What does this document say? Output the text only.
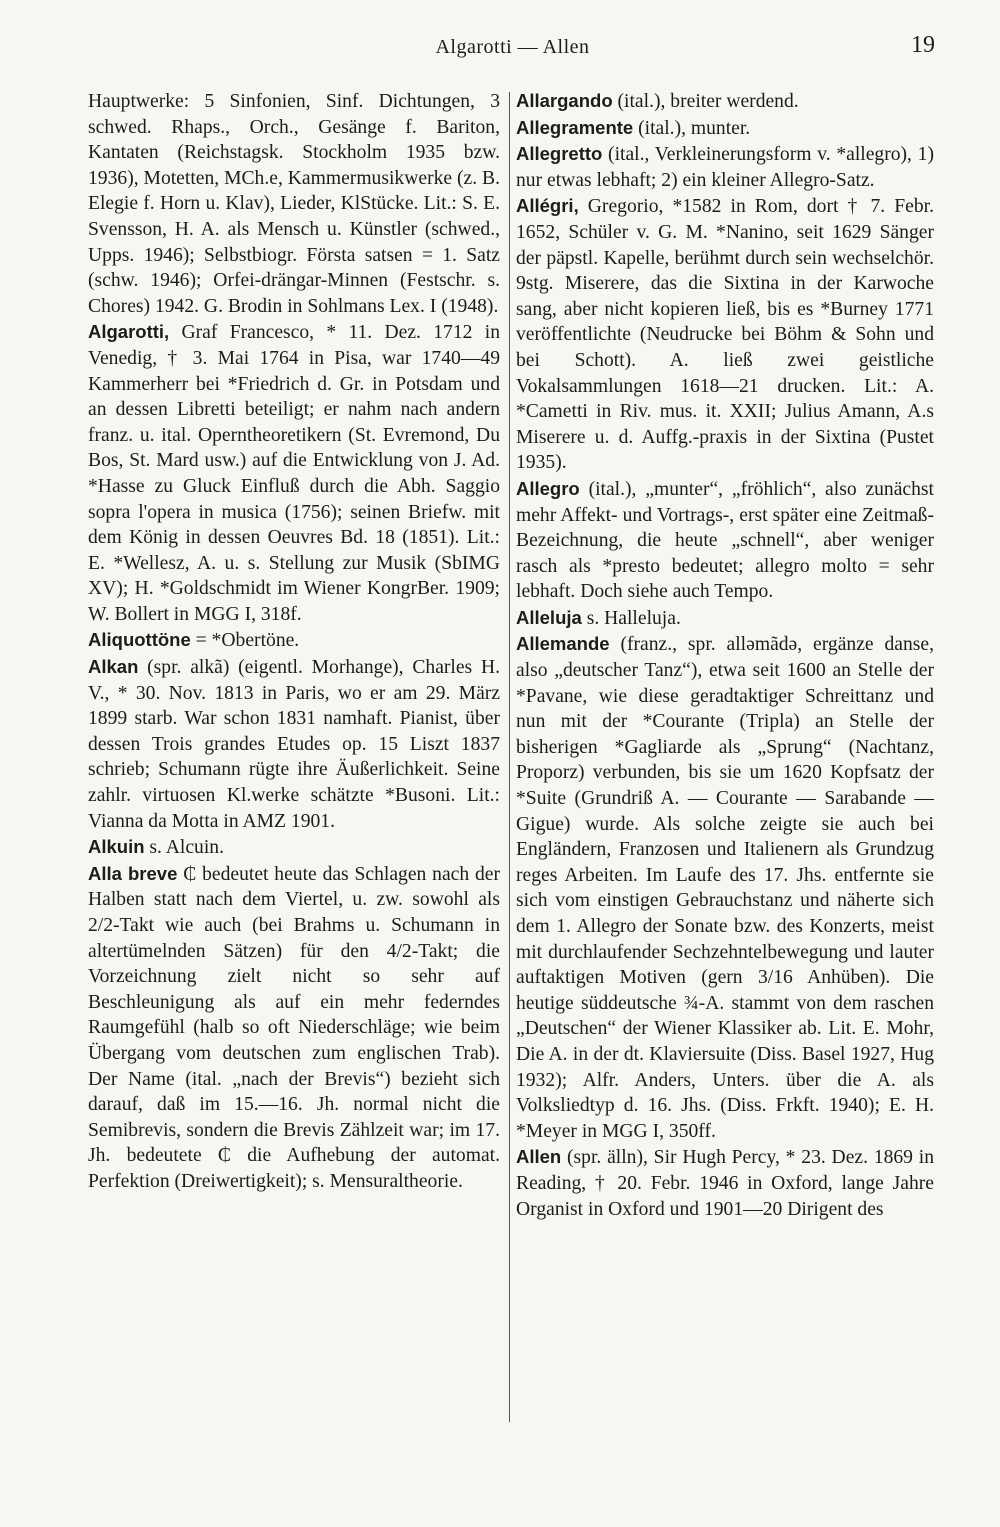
Algarotti — Allen	19

Hauptwerke: 5 Sinfonien, Sinf. Dichtungen, 3 schwed. Rhaps., Orch., Gesänge f. Bariton, Kantaten (Reichstagsk. Stockholm 1935 bzw. 1936), Motetten, MCh.e, Kammermusikwerke (z. B. Elegie f. Horn u. Klav), Lieder, KlStücke. Lit.: S. E. Svensson, H. A. als Mensch u. Künstler (schwed., Upps. 1946); Selbstbiogr. Första satsen = 1. Satz (schw. 1946); Orfei-drängar-Minnen (Festschr. s. Chores) 1942. G. Brodin in Sohlmans Lex. I (1948).

Algarotti, Graf Francesco, * 11. Dez. 1712 in Venedig, † 3. Mai 1764 in Pisa, war 1740—49 Kammerherr bei *Friedrich d. Gr. in Potsdam und an dessen Libretti beteiligt; er nahm nach andern franz. u. ital. Operntheoretikern (St. Evremond, Du Bos, St. Mard usw.) auf die Entwicklung von J. Ad. *Hasse zu Gluck Einfluß durch die Abh. Saggio sopra l'opera in musica (1756); seinen Briefw. mit dem König in dessen Oeuvres Bd. 18 (1851). Lit.: E. *Wellesz, A. u. s. Stellung zur Musik (SbIMG XV); H. *Goldschmidt im Wiener KongrBer. 1909; W. Bollert in MGG I, 318f.

Aliquottöne = *Obertöne.

Alkan (spr. alkã) (eigentl. Morhange), Charles H. V., * 30. Nov. 1813 in Paris, wo er am 29. März 1899 starb. War schon 1831 namhaft. Pianist, über dessen Trois grandes Etudes op. 15 Liszt 1837 schrieb; Schumann rügte ihre Äußerlichkeit. Seine zahlr. virtuosen Kl.werke schätzte *Busoni. Lit.: Vianna da Motta in AMZ 1901.

Alkuin s. Alcuin.

Alla breve ₵ bedeutet heute das Schlagen nach der Halben statt nach dem Viertel, u. zw. sowohl als 2/2-Takt wie auch (bei Brahms u. Schumann in altertümelnden Sätzen) für den 4/2-Takt; die Vorzeichnung zielt nicht so sehr auf Beschleunigung als auf ein mehr federndes Raumgefühl (halb so oft Niederschläge; wie beim Übergang vom deutschen zum englischen Trab). Der Name (ital. „nach der Brevis“) bezieht sich darauf, daß im 15.—16. Jh. normal nicht die Semibrevis, sondern die Brevis Zählzeit war; im 17. Jh. bedeutete ₵ die Aufhebung der automat. Perfektion (Dreiwertigkeit); s. Mensuraltheorie.

Allargando (ital.), breiter werdend.

Allegramente (ital.), munter.

Allegretto (ital., Verkleinerungsform v. *allegro), 1) nur etwas lebhaft; 2) ein kleiner Allegro-Satz.

Allégri, Gregorio, *1582 in Rom, dort † 7. Febr. 1652, Schüler v. G. M. *Nanino, seit 1629 Sänger der päpstl. Kapelle, berühmt durch sein wechselchör. 9stg. Miserere, das die Sixtina in der Karwoche sang, aber nicht kopieren ließ, bis es *Burney 1771 veröffentlichte (Neudrucke bei Böhm & Sohn und bei Schott). A. ließ zwei geistliche Vokalsammlungen 1618—21 drucken. Lit.: A. *Cametti in Riv. mus. it. XXII; Julius Amann, A.s Miserere u. d. Auffg.-praxis in der Sixtina (Pustet 1935).

Allegro (ital.), „munter“, „fröhlich“, also zunächst mehr Affekt- und Vortrags-, erst später eine Zeitmaß-Bezeichnung, die heute „schnell“, aber weniger rasch als *presto bedeutet; allegro molto = sehr lebhaft. Doch siehe auch Tempo.

Alleluja s. Halleluja.

Allemande (franz., spr. allǝmãdǝ, ergänze danse, also „deutscher Tanz“), etwa seit 1600 an Stelle der *Pavane, wie diese geradtaktiger Schreittanz und nun mit der *Courante (Tripla) an Stelle der bisherigen *Gagliarde als „Sprung“ (Nachtanz, Proporz) verbunden, bis sie um 1620 Kopfsatz der *Suite (Grundriß A. — Courante — Sarabande — Gigue) wurde. Als solche zeigte sie auch bei Engländern, Franzosen und Italienern als Grundzug reges Arbeiten. Im Laufe des 17. Jhs. entfernte sie sich vom einstigen Gebrauchstanz und näherte sich dem 1. Allegro der Sonate bzw. des Konzerts, meist mit durchlaufender Sechzehntelbewegung und lauter auftaktigen Motiven (gern 3/16 Anhüben). Die heutige süddeutsche ¾-A. stammt von dem raschen „Deutschen“ der Wiener Klassiker ab. Lit. E. Mohr, Die A. in der dt. Klaviersuite (Diss. Basel 1927, Hug 1932); Alfr. Anders, Unters. über die A. als Volksliedtyp d. 16. Jhs. (Diss. Frkft. 1940); E. H. *Meyer in MGG I, 350ff.

Allen (spr. älln), Sir Hugh Percy, * 23. Dez. 1869 in Reading, † 20. Febr. 1946 in Oxford, lange Jahre Organist in Oxford und 1901—20 Dirigent des
